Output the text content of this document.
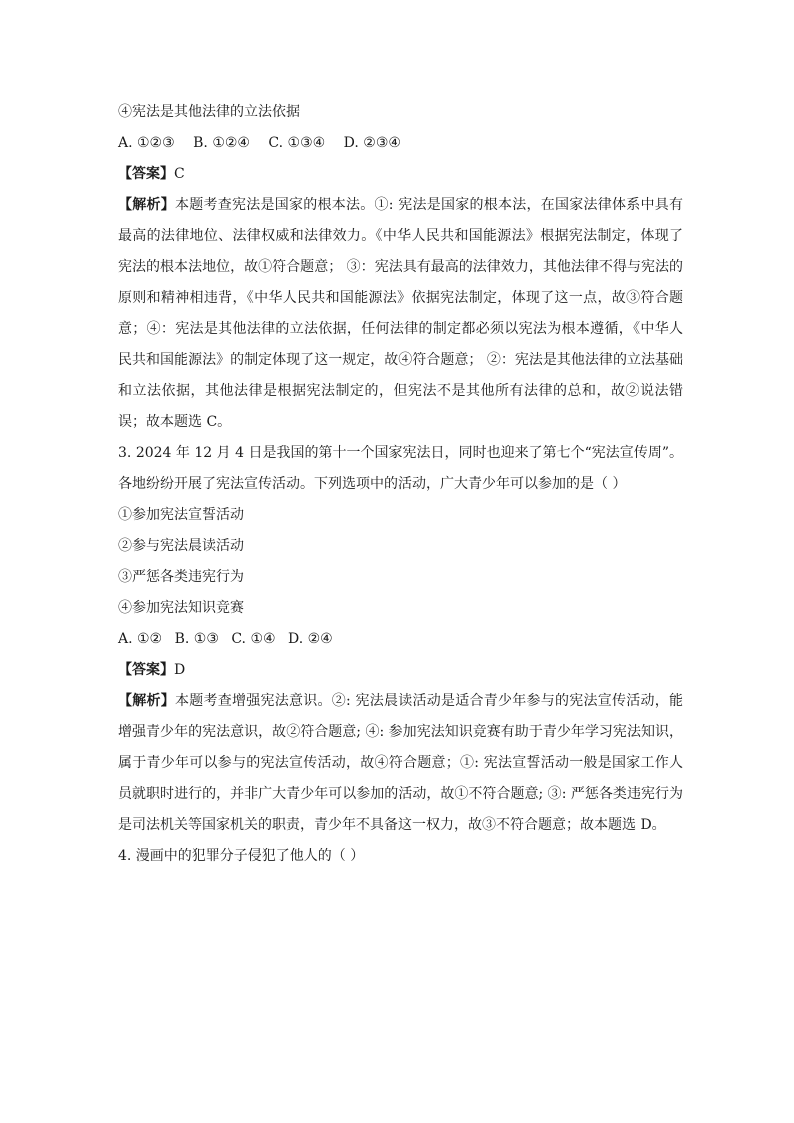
④宪法是其他法律的立法依据
A. ①②③ B. ①②④ C. ①③④ D. ②③④
【答案】C
【解析】本题考查宪法是国家的根本法。①: 宪法是国家的根本法，在国家法律体系中具有最高的法律地位、法律权威和法律效力。《中华人民共和国能源法》根据宪法制定，体现了宪法的根本法地位，故①符合题意； ③：宪法具有最高的法律效力，其他法律不得与宪法的原则和精神相违背，《中华人民共和国能源法》依据宪法制定，体现了这一点，故③符合题意；④：宪法是其他法律的立法依据，任何法律的制定都必须以宪法为根本遵循，《中华人民共和国能源法》的制定体现了这一规定，故④符合题意； ②：宪法是其他法律的立法基础和立法依据，其他法律是根据宪法制定的，但宪法不是其他所有法律的总和，故②说法错误；故本题选 C。
3. 2024 年 12 月 4 日是我国的第十一个国家宪法日，同时也迎来了第七个“宪法宣传周”。各地纷纷开展了宪法宣传活动。下列选项中的活动，广大青少年可以参加的是（ ）
①参加宪法宣誓活动
②参与宪法晨读活动
③严惩各类违宪行为
④参加宪法知识竞赛
A. ①② B. ①③ C. ①④ D. ②④
【答案】D
【解析】本题考查增强宪法意识。②: 宪法晨读活动是适合青少年参与的宪法宣传活动，能增强青少年的宪法意识，故②符合题意; ④: 参加宪法知识竞赛有助于青少年学习宪法知识，属于青少年可以参与的宪法宣传活动，故④符合题意；①: 宪法宣誓活动一般是国家工作人员就职时进行的，并非广大青少年可以参加的活动，故①不符合题意; ③: 严惩各类违宪行为是司法机关等国家机关的职责，青少年不具备这一权力，故③不符合题意；故本题选 D。
4. 漫画中的犯罪分子侵犯了他人的（ ）
